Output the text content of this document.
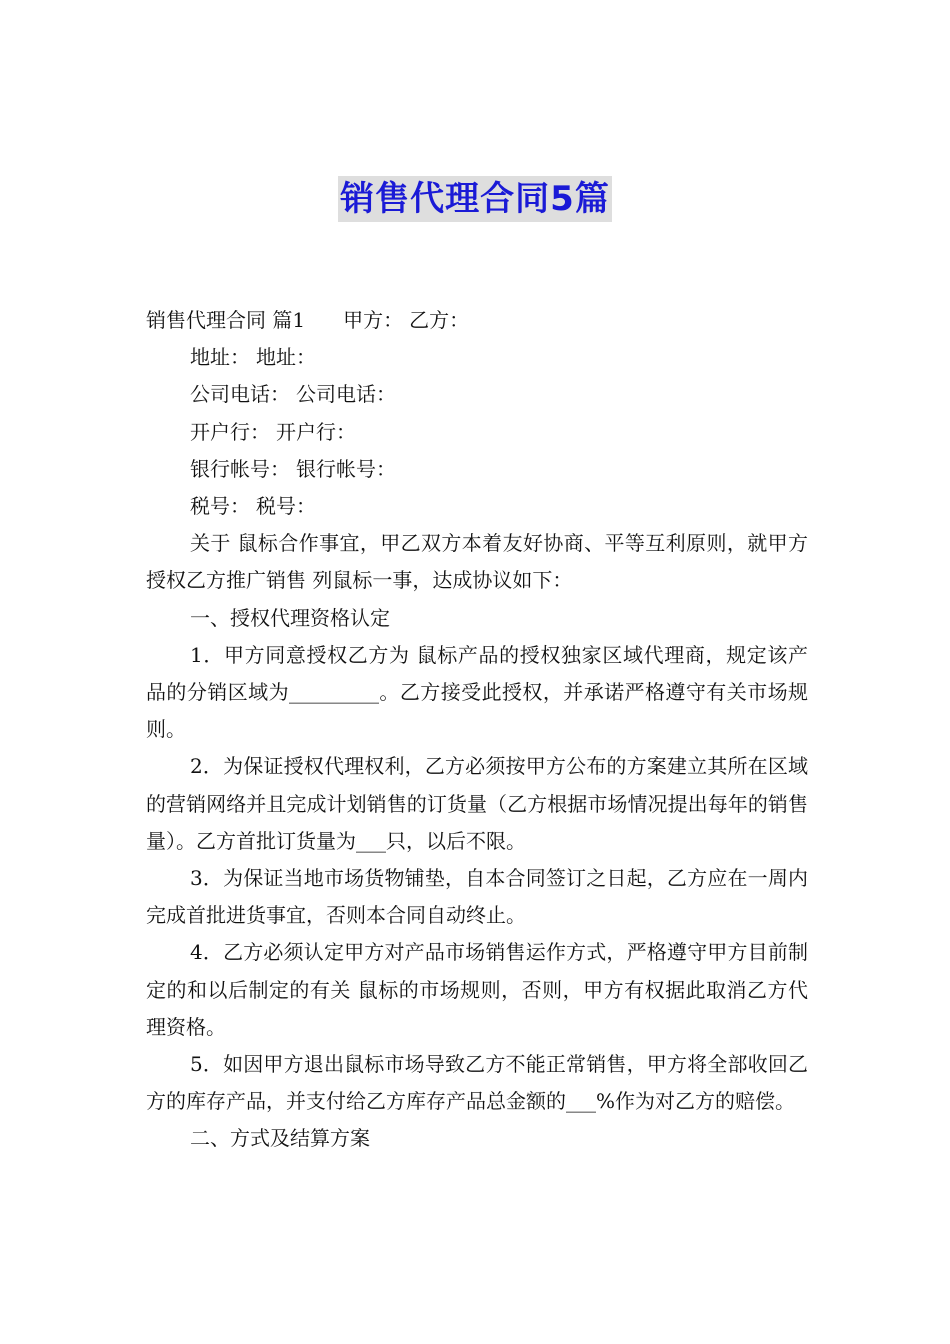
销售代理合同5篇

销售代理合同 篇1 甲方： 乙方：

地址： 地址：

公司电话： 公司电话：

开户行： 开户行：

银行帐号： 银行帐号：

税号： 税号：

关于 鼠标合作事宜，甲乙双方本着友好协商、平等互利原则，就甲方授权乙方推广销售 列鼠标一事，达成协议如下：

一、授权代理资格认定

1．甲方同意授权乙方为 鼠标产品的授权独家区域代理商，规定该产品的分销区域为_________。乙方接受此授权，并承诺严格遵守有关市场规则。

2．为保证授权代理权利，乙方必须按甲方公布的方案建立其所在区域的营销网络并且完成计划销售的订货量（乙方根据市场情况提出每年的销售量）。乙方首批订货量为___只，以后不限。

3．为保证当地市场货物铺垫，自本合同签订之日起，乙方应在一周内完成首批进货事宜，否则本合同自动终止。

4．乙方必须认定甲方对产品市场销售运作方式，严格遵守甲方目前制定的和以后制定的有关 鼠标的市场规则，否则，甲方有权据此取消乙方代理资格。

5．如因甲方退出鼠标市场导致乙方不能正常销售，甲方将全部收回乙方的库存产品，并支付给乙方库存产品总金额的___%作为对乙方的赔偿。

二、方式及结算方案
